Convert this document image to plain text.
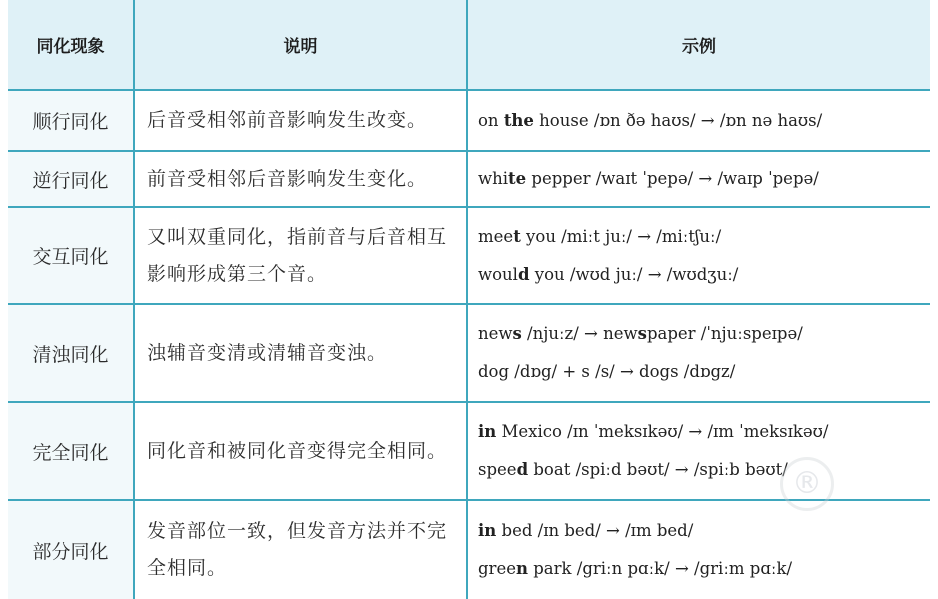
同化现象	说明	示例
顺行同化	后音受相邻前音影响发生改变。	on the house /ɒn ðə haʊs/ → /ɒn nə haʊs/

逆行同化	前音受相邻后音影响发生变化。	white pepper /waɪt ˈpepə/ → /waɪp ˈpepə/

交互同化	又叫双重同化，指前音与后音相互影响形成第三个音。	meet you /miːt juː/ → /miːtʃuː/
would you /wʊd juː/ → /wʊdʒuː/

清浊同化	浊辅音变清或清辅音变浊。	news /njuːz/ → newspaper /ˈnjuːspeɪpə/
dog /dɒg/ + s /s/ → dogs /dɒgz/

完全同化	同化音和被同化音变得完全相同。	in Mexico /ɪn ˈmeksɪkəʊ/ → /ɪm ˈmeksɪkəʊ/
speed boat /spiːd bəʊt/ → /spiːb bəʊt/

部分同化	发音部位一致，但发音方法并不完全相同。	in bed /ɪn bed/ → /ɪm bed/
green park /griːn pɑːk/ → /griːm pɑːk/
®
